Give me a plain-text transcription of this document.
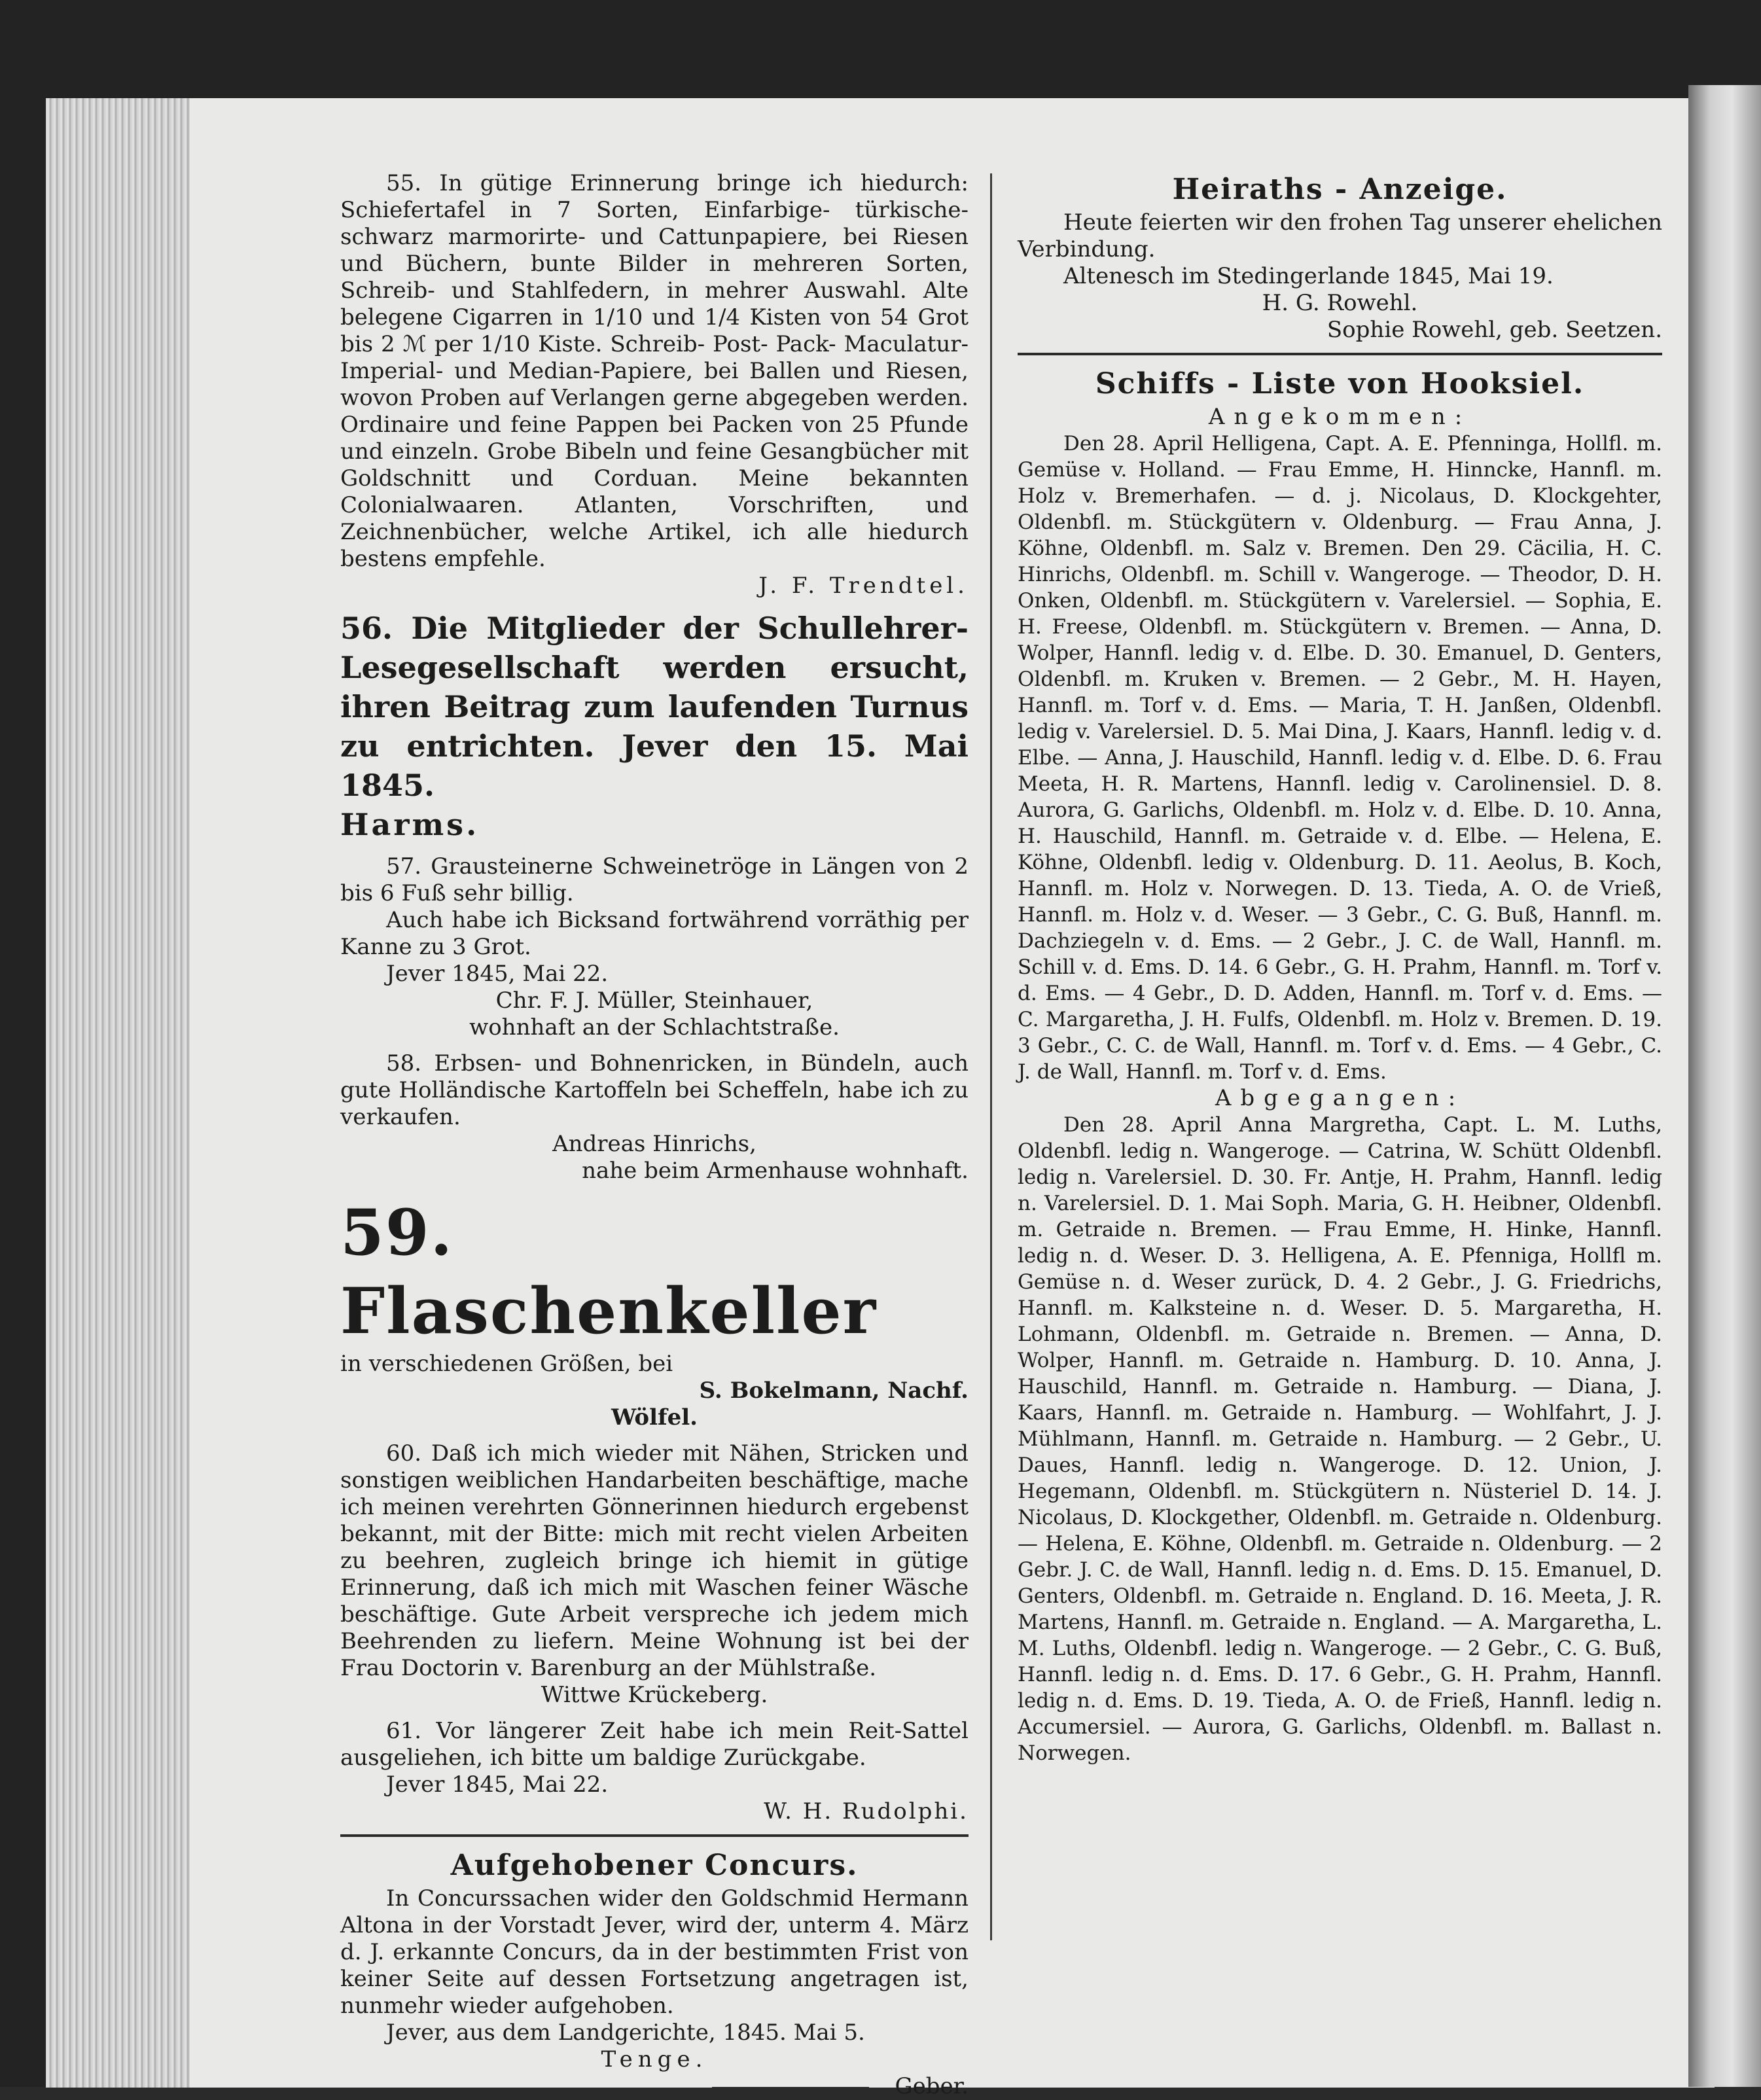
55. In gütige Erinnerung bringe ich hiedurch: Schiefertafel in 7 Sorten, Einfarbige- türkische- schwarz marmorirte- und Cattunpapiere, bei Riesen und Büchern, bunte Bilder in mehreren Sorten, Schreib- und Stahlfedern, in mehrer Auswahl. Alte belegene Cigarren in 1/10 und 1/4 Kisten von 54 Grot bis 2 ℳ per 1/10 Kiste. Schreib- Post- Pack- Maculatur- Imperial- und Median-Papiere, bei Ballen und Riesen, wovon Proben auf Verlangen gerne abgegeben werden. Ordinaire und feine Pappen bei Packen von 25 Pfunde und einzeln. Grobe Bibeln und feine Gesangbücher mit Goldschnitt und Corduan. Meine bekannten Colonialwaaren. Atlanten, Vorschriften, und Zeichnenbücher, welche Artikel, ich alle hiedurch bestens empfehle.

J. F. Trendtel.

56. Die Mitglieder der Schullehrer-Lesegesellschaft werden ersucht, ihren Beitrag zum laufenden Turnus zu entrichten. Jever den 15. Mai 1845.

Harms.

57. Grausteinerne Schweinetröge in Längen von 2 bis 6 Fuß sehr billig.

Auch habe ich Bicksand fortwährend vorräthig per Kanne zu 3 Grot.

Jever 1845, Mai 22.

Chr. F. J. Müller, Steinhauer,

wohnhaft an der Schlachtstraße.

58. Erbsen- und Bohnenricken, in Bündeln, auch gute Holländische Kartoffeln bei Scheffeln, habe ich zu verkaufen.

Andreas Hinrichs,

nahe beim Armenhause wohnhaft.

59. Flaschenkeller

in verschiedenen Größen, bei

S. Bokelmann, Nachf.

Wölfel.

60. Daß ich mich wieder mit Nähen, Stricken und sonstigen weiblichen Handarbeiten beschäftige, mache ich meinen verehrten Gönnerinnen hiedurch ergebenst bekannt, mit der Bitte: mich mit recht vielen Arbeiten zu beehren, zugleich bringe ich hiemit in gütige Erinnerung, daß ich mich mit Waschen feiner Wäsche beschäftige. Gute Arbeit verspreche ich jedem mich Beehrenden zu liefern. Meine Wohnung ist bei der Frau Doctorin v. Barenburg an der Mühlstraße.

Wittwe Krückeberg.

61. Vor längerer Zeit habe ich mein Reit-Sattel ausgeliehen, ich bitte um baldige Zurückgabe.

Jever 1845, Mai 22.

W. H. Rudolphi.

Aufgehobener Concurs.

In Concurssachen wider den Goldschmid Hermann Altona in der Vorstadt Jever, wird der, unterm 4. März d. J. erkannte Concurs, da in der bestimmten Frist von keiner Seite auf dessen Fortsetzung angetragen ist, nunmehr wieder aufgehoben.

Jever, aus dem Landgerichte, 1845. Mai 5.

Tenge.

Geber.

Heiraths - Anzeige.

Heute feierten wir den frohen Tag unserer ehelichen Verbindung.

Altenesch im Stedingerlande 1845, Mai 19.

H. G. Rowehl.

Sophie Rowehl, geb. Seetzen.

Schiffs - Liste von Hooksiel.

Angekommen:

Den 28. April Helligena, Capt. A. E. Pfenninga, Hollfl. m. Gemüse v. Holland. — Frau Emme, H. Hinncke, Hannfl. m. Holz v. Bremerhafen. — d. j. Nicolaus, D. Klockgehter, Oldenbfl. m. Stückgütern v. Oldenburg. — Frau Anna, J. Köhne, Oldenbfl. m. Salz v. Bremen. Den 29. Cäcilia, H. C. Hinrichs, Oldenbfl. m. Schill v. Wangeroge. — Theodor, D. H. Onken, Oldenbfl. m. Stückgütern v. Varelersiel. — Sophia, E. H. Freese, Oldenbfl. m. Stückgütern v. Bremen. — Anna, D. Wolper, Hannfl. ledig v. d. Elbe. D. 30. Emanuel, D. Genters, Oldenbfl. m. Kruken v. Bremen. — 2 Gebr., M. H. Hayen, Hannfl. m. Torf v. d. Ems. — Maria, T. H. Janßen, Oldenbfl. ledig v. Varelersiel. D. 5. Mai Dina, J. Kaars, Hannfl. ledig v. d. Elbe. — Anna, J. Hauschild, Hannfl. ledig v. d. Elbe. D. 6. Frau Meeta, H. R. Martens, Hannfl. ledig v. Carolinensiel. D. 8. Aurora, G. Garlichs, Oldenbfl. m. Holz v. d. Elbe. D. 10. Anna, H. Hauschild, Hannfl. m. Getraide v. d. Elbe. — Helena, E. Köhne, Oldenbfl. ledig v. Oldenburg. D. 11. Aeolus, B. Koch, Hannfl. m. Holz v. Norwegen. D. 13. Tieda, A. O. de Vrieß, Hannfl. m. Holz v. d. Weser. — 3 Gebr., C. G. Buß, Hannfl. m. Dachziegeln v. d. Ems. — 2 Gebr., J. C. de Wall, Hannfl. m. Schill v. d. Ems. D. 14. 6 Gebr., G. H. Prahm, Hannfl. m. Torf v. d. Ems. — 4 Gebr., D. D. Adden, Hannfl. m. Torf v. d. Ems. — C. Margaretha, J. H. Fulfs, Oldenbfl. m. Holz v. Bremen. D. 19. 3 Gebr., C. C. de Wall, Hannfl. m. Torf v. d. Ems. — 4 Gebr., C. J. de Wall, Hannfl. m. Torf v. d. Ems.

Abgegangen:

Den 28. April Anna Margretha, Capt. L. M. Luths, Oldenbfl. ledig n. Wangeroge. — Catrina, W. Schütt Oldenbfl. ledig n. Varelersiel. D. 30. Fr. Antje, H. Prahm, Hannfl. ledig n. Varelersiel. D. 1. Mai Soph. Maria, G. H. Heibner, Oldenbfl. m. Getraide n. Bremen. — Frau Emme, H. Hinke, Hannfl. ledig n. d. Weser. D. 3. Helligena, A. E. Pfenniga, Hollfl m. Gemüse n. d. Weser zurück, D. 4. 2 Gebr., J. G. Friedrichs, Hannfl. m. Kalksteine n. d. Weser. D. 5. Margaretha, H. Lohmann, Oldenbfl. m. Getraide n. Bremen. — Anna, D. Wolper, Hannfl. m. Getraide n. Hamburg. D. 10. Anna, J. Hauschild, Hannfl. m. Getraide n. Hamburg. — Diana, J. Kaars, Hannfl. m. Getraide n. Hamburg. — Wohlfahrt, J. J. Mühlmann, Hannfl. m. Getraide n. Hamburg. — 2 Gebr., U. Daues, Hannfl. ledig n. Wangeroge. D. 12. Union, J. Hegemann, Oldenbfl. m. Stückgütern n. Nüsteriel D. 14. J. Nicolaus, D. Klockgether, Oldenbfl. m. Getraide n. Oldenburg. — Helena, E. Köhne, Oldenbfl. m. Getraide n. Oldenburg. — 2 Gebr. J. C. de Wall, Hannfl. ledig n. d. Ems. D. 15. Emanuel, D. Genters, Oldenbfl. m. Getraide n. England. D. 16. Meeta, J. R. Martens, Hannfl. m. Getraide n. England. — A. Margaretha, L. M. Luths, Oldenbfl. ledig n. Wangeroge. — 2 Gebr., C. G. Buß, Hannfl. ledig n. d. Ems. D. 17. 6 Gebr., G. H. Prahm, Hannfl. ledig n. d. Ems. D. 19. Tieda, A. O. de Frieß, Hannfl. ledig n. Accumersiel. — Aurora, G. Garlichs, Oldenbfl. m. Ballast n. Norwegen.
